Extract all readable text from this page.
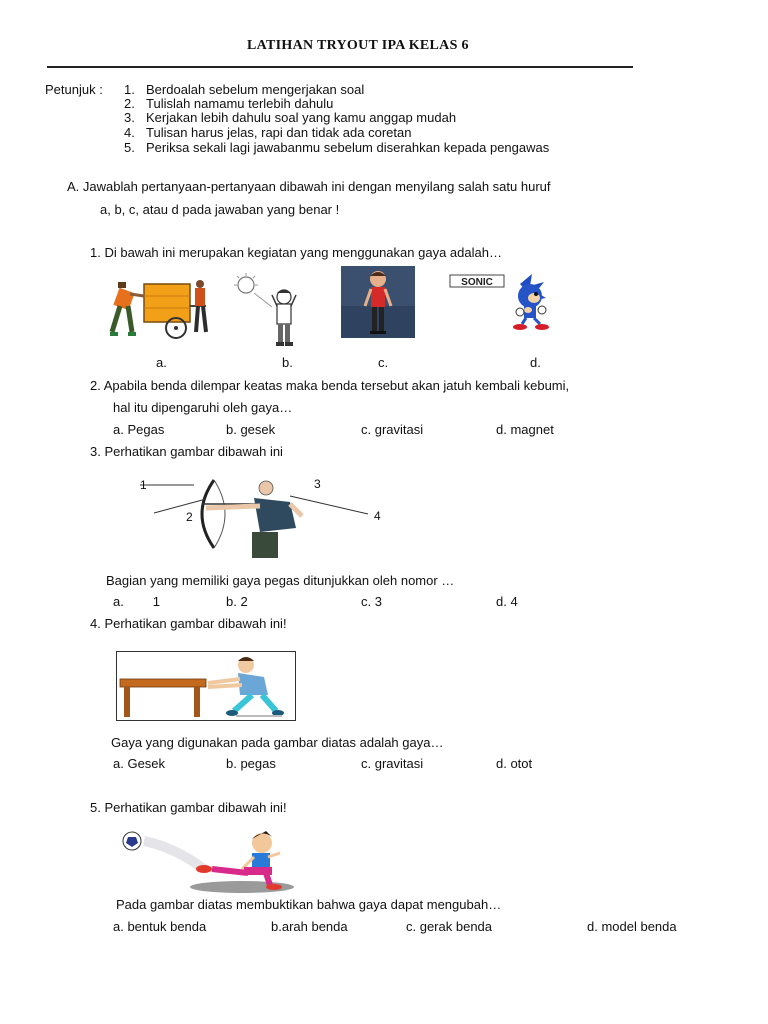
LATIHAN TRYOUT IPA KELAS 6
Petunjuk : 1. Berdoalah sebelum mengerjakan soal
2. Tulislah namamu terlebih dahulu
3. Kerjakan lebih dahulu soal yang kamu anggap mudah
4. Tulisan harus jelas, rapi dan tidak ada coretan
5. Periksa sekali lagi jawabanmu sebelum diserahkan kepada pengawas
A. Jawablah pertanyaan-pertanyaan dibawah ini dengan menyilang salah satu huruf
a, b, c, atau d pada jawaban yang benar !
1. Di bawah ini merupakan kegiatan yang menggunakan gaya adalah…
SONIC
a.	b.	c.	d.
2. Apabila benda dilempar keatas maka benda tersebut akan jatuh kembali kebumi,
hal itu dipengaruhi oleh gaya…
a. Pegas	b. gesek	c. gravitasi	d. magnet
3. Perhatikan gambar dibawah ini
1
2
3
4
Bagian yang memiliki gaya pegas ditunjukkan oleh nomor …
a.        1	b. 2	c. 3	d. 4
4. Perhatikan gambar dibawah ini!
Gaya yang digunakan pada gambar diatas adalah gaya…
a. Gesek	b. pegas	c. gravitasi	d. otot
5. Perhatikan gambar dibawah ini!
Pada gambar diatas membuktikan bahwa gaya dapat mengubah…
a. bentuk benda	b.arah benda	c. gerak benda	d. model benda
